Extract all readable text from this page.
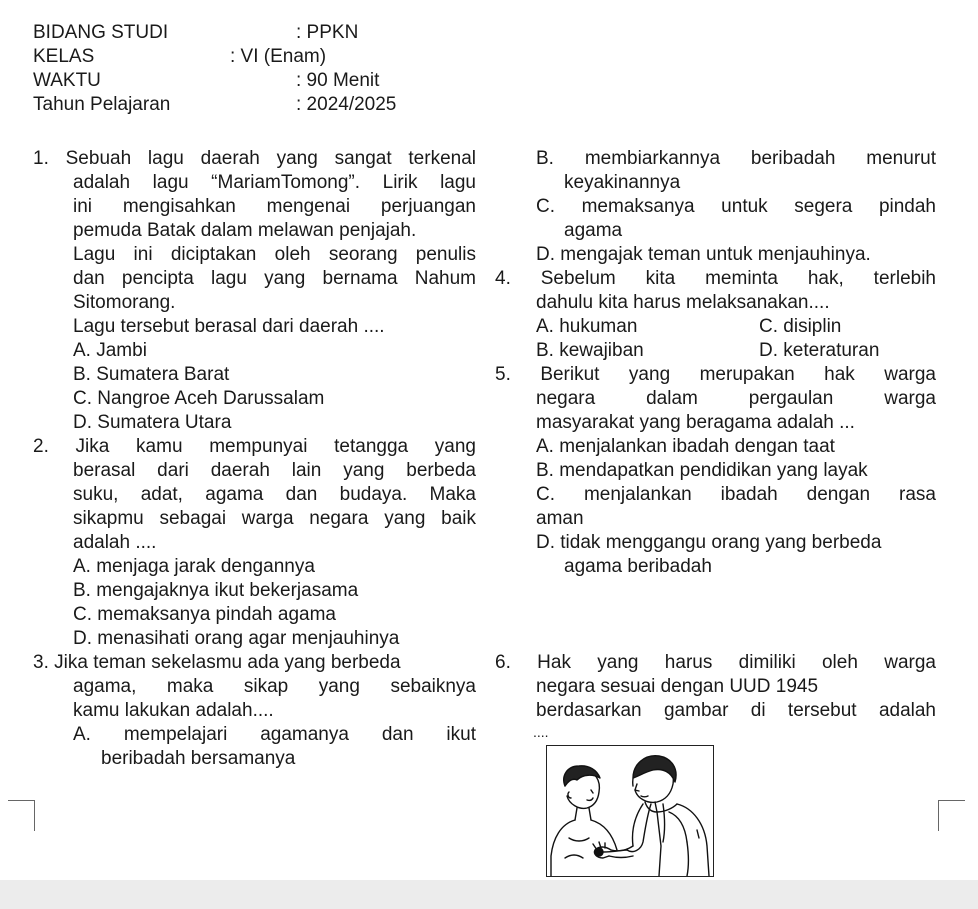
BIDANG STUDI	: PPKN
KELAS	: VI (Enam)
WAKTU	: 90 Menit
Tahun Pelajaran	: 2024/2025
1. Sebuah lagu daerah yang sangat terkenal
adalah lagu “MariamTomong”. Lirik lagu
ini mengisahkan mengenai perjuangan
pemuda Batak dalam melawan penjajah.
Lagu ini diciptakan oleh seorang penulis
dan pencipta lagu yang bernama Nahum
Sitomorang.
Lagu tersebut berasal dari daerah ....
A. Jambi
B. Sumatera Barat
C. Nangroe Aceh Darussalam
D. Sumatera Utara
2. Jika kamu mempunyai tetangga yang
berasal dari daerah lain yang berbeda
suku, adat, agama dan budaya. Maka
sikapmu sebagai warga negara yang baik
adalah ....
A. menjaga jarak dengannya
B. mengajaknya ikut bekerjasama
C. memaksanya pindah agama
D. menasihati orang agar menjauhinya
3. Jika teman sekelasmu ada yang berbeda
agama, maka sikap yang sebaiknya
kamu lakukan adalah....
A. mempelajari agamanya dan ikut
beribadah bersamanya
B. membiarkannya beribadah menurut
keyakinannya
C. memaksanya untuk segera pindah
agama
D. mengajak teman untuk menjauhinya.
4. Sebelum kita meminta hak, terlebih
dahulu kita harus melaksanakan....
A. hukuman	C. disiplin
B. kewajiban	D. keteraturan
5. Berikut yang merupakan hak warga
negara dalam pergaulan warga
masyarakat yang beragama adalah ...
A. menjalankan ibadah dengan taat
B. mendapatkan pendidikan yang layak
C. menjalankan ibadah dengan rasa
aman
D. tidak menggangu orang yang berbeda
agama beribadah
6. Hak yang harus dimiliki oleh warga
negara sesuai dengan UUD 1945
berdasarkan gambar di tersebut adalah
....
